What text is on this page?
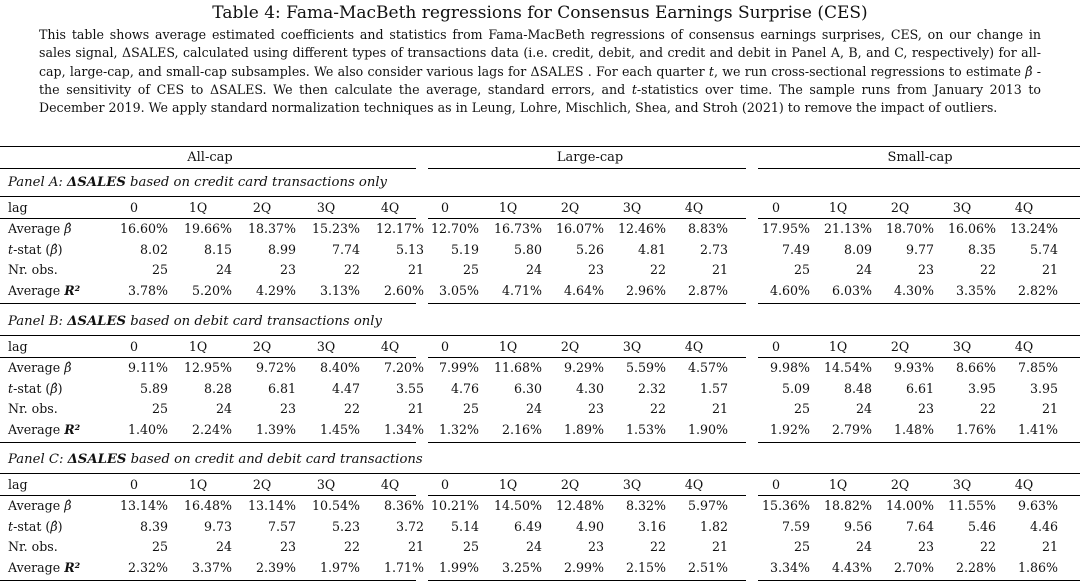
Table 4: Fama-MacBeth regressions for Consensus Earnings Surprise (CES)
This table shows average estimated coefficients and statistics from Fama-MacBeth regressions of consensus earnings surprises, CES, on our change in sales signal, ΔSALES, calculated using different types of transactions data (i.e. credit, debit, and credit and debit in Panel A, B, and C, respectively) for all-cap, large-cap, and small-cap subsamples. We also consider various lags for ΔSALES . For each quarter t, we run cross-sectional regressions to estimate β̂ - the sensitivity of CES to ΔSALES. We then calculate the average, standard errors, and t-statistics over time. The sample runs from January 2013 to December 2019. We apply standard normalization techniques as in Leung, Lohre, Mischlich, Shea, and Stroh (2021) to remove the impact of outliers.
All-cap	Large-cap	Small-cap
Panel A: ΔSALES based on credit card transactions only
lag	0	1Q	2Q	3Q	4Q	0	1Q	2Q	3Q	4Q	0	1Q	2Q	3Q	4Q
Average β̂	16.60%	19.66%	18.37%	15.23%	12.17% 12.70%	16.73%	16.07%	12.46%	8.83%	17.95%	21.13%	18.70%	16.06%	13.24%
t-stat (β̂)	8.02	8.15	8.99	7.74	5.13	5.19	5.80	5.26	4.81	2.73	7.49	8.09	9.77	8.35	5.74
Nr. obs.	25	24	23	22	21	25	24	23	22	21	25	24	23	22	21
Average R²	3.78%	5.20%	4.29%	3.13%	2.60%	3.05%	4.71%	4.64%	2.96%	2.87%	4.60%	6.03%	4.30%	3.35%	2.82%
Panel B: ΔSALES based on debit card transactions only
lag	0	1Q	2Q	3Q	4Q	0	1Q	2Q	3Q	4Q	0	1Q	2Q	3Q	4Q
Average β̂	9.11%	12.95%	9.72%	8.40%	7.20%	7.99%	11.68%	9.29%	5.59%	4.57%	9.98%	14.54%	9.93%	8.66%	7.85%
t-stat (β̂)	5.89	8.28	6.81	4.47	3.55	4.76	6.30	4.30	2.32	1.57	5.09	8.48	6.61	3.95	3.95
Nr. obs.	25	24	23	22	21	25	24	23	22	21	25	24	23	22	21
Average R²	1.40%	2.24%	1.39%	1.45%	1.34%	1.32%	2.16%	1.89%	1.53%	1.90%	1.92%	2.79%	1.48%	1.76%	1.41%
Panel C: ΔSALES based on credit and debit card transactions
lag	0	1Q	2Q	3Q	4Q	0	1Q	2Q	3Q	4Q	0	1Q	2Q	3Q	4Q
Average β̂	13.14%	16.48%	13.14%	10.54%	8.36% 10.21%	14.50%	12.48%	8.32%	5.97%	15.36%	18.82%	14.00%	11.55%	9.63%
t-stat (β̂)	8.39	9.73	7.57	5.23	3.72	5.14	6.49	4.90	3.16	1.82	7.59	9.56	7.64	5.46	4.46
Nr. obs.	25	24	23	22	21	25	24	23	22	21	25	24	23	22	21
Average R²	2.32%	3.37%	2.39%	1.97%	1.71%	1.99%	3.25%	2.99%	2.15%	2.51%	3.34%	4.43%	2.70%	2.28%	1.86%
